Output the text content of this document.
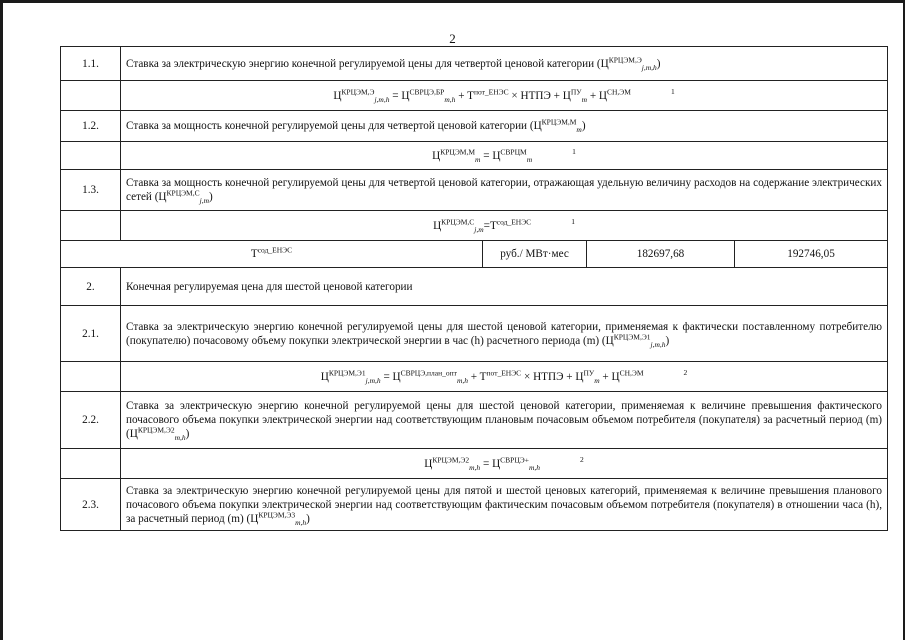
2
1.1.	Ставка за электрическую энергию конечной регулируемой цены для четвертой ценовой категории $(Ц^{КРЦЭМ,Э}_{j,m,h})$			
	$Ц^{КРЦЭМ,Э}_{j,m,h} = Ц^{СВРЦЭ,БР}_{m,h} + T^{пот\_ЕНЭС}$ × НТПЭ + $Ц^{ПУ}_m + Ц^{СН,ЭМ}$ $^1$
1.2.	Ставка за мощность конечной регулируемой цены для четвертой ценовой категории $(Ц^{КРЦЭМ,М}_m)$			
	$Ц^{КРЦЭМ,М}_m = Ц^{СВРЦМ}_m^1$
1.3.	Ставка за мощность конечной регулируемой цены для четвертой ценовой категории, отражающая удельную величину расходов на содержание электрических сетей $(Ц^{КРЦЭМ,С}_{j,m})$			
	$Ц^{КРЦЭМ,С}_{j,m}=T^{сод\_ЕНЭС}$ $^1$
$T^{сод\_ЕНЭС}$		руб./ МВт·мес	182697,68	192746,05
2.	Конечная регулируемая цена для шестой ценовой категории			
2.1.	Ставка за электрическую энергию конечной регулируемой цены для шестой ценовой категории, применяемая к фактически поставленному потребителю (покупателю) почасовому объему покупки электрической энергии в час (h) расчетного периода (m) $(Ц^{КРЦЭМ,Э1}_{j,m,h})$			
	$Ц^{КРЦЭМ,Э1}_{j,m,h} = Ц^{СВРЦЭ,план\_опт}_{m,h} + T^{пот\_ЕНЭС}$ × НТПЭ + $Ц^{ПУ}_m + Ц^{СН,ЭМ}$ $^2$
2.2.	Ставка за электрическую энергию конечной регулируемой цены для шестой ценовой категории, применяемая к величине превышения фактического почасового объема покупки электрической энергии над соответствующим плановым почасовым объемом потребителя (покупателя) за расчетный период (m) $(Ц^{КРЦЭМ,Э2}_{m,h})$			
	$Ц^{КРЦЭМ,Э2}_{m,h} = Ц^{СВРЦЭ+}_{m,h}^2$
2.3.	Ставка за электрическую энергию конечной регулируемой цены для пятой и шестой ценовых категорий, применяемая к величине превышения планового почасового объема покупки электрической энергии над соответствующим фактическим почасовым объемом потребителя (покупателя) в отношении часа (h), за расчетный период (m) $(Ц^{КРЦЭМ,Э3}_{m,h})$			
